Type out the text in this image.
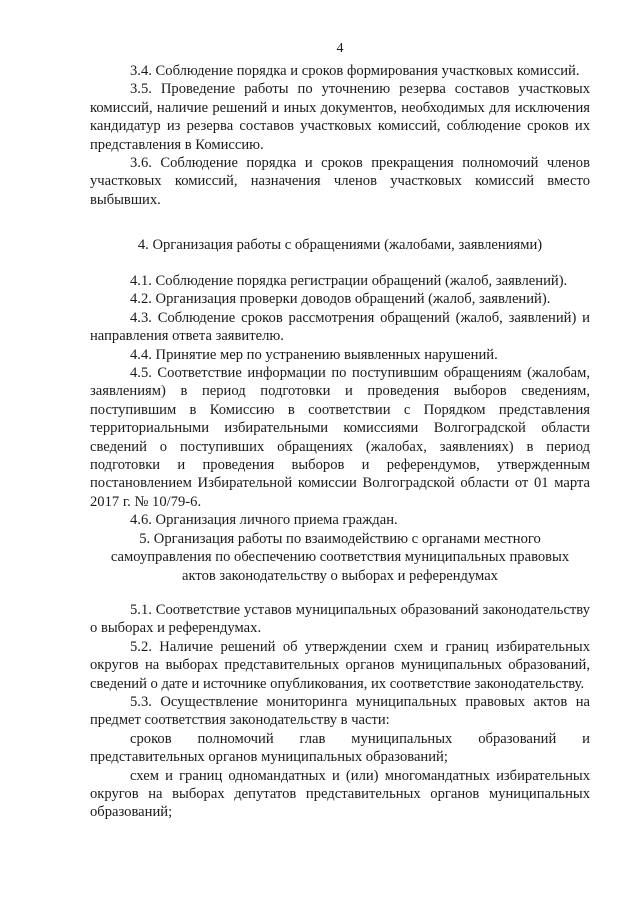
4

3.4. Соблюдение порядка и сроков формирования участковых комиссий.

3.5. Проведение работы по уточнению резерва составов участковых комиссий, наличие решений и иных документов, необходимых для исключения кандидатур из резерва составов участковых комиссий, соблюдение сроков их представления в Комиссию.

3.6. Соблюдение порядка и сроков прекращения полномочий членов участковых комиссий, назначения членов участковых комиссий вместо выбывших.

4. Организация работы с обращениями (жалобами, заявлениями)

4.1. Соблюдение порядка регистрации обращений (жалоб, заявлений).

4.2. Организация проверки доводов обращений (жалоб, заявлений).

4.3. Соблюдение сроков рассмотрения обращений (жалоб, заявлений) и направления ответа заявителю.

4.4. Принятие мер по устранению выявленных нарушений.

4.5. Соответствие информации по поступившим обращениям (жалобам, заявлениям) в период подготовки и проведения выборов сведениям, поступившим в Комиссию в соответствии с Порядком представления территориальными избирательными комиссиями Волгоградской области сведений о поступивших обращениях (жалобах, заявлениях) в период подготовки и проведения выборов и референдумов, утвержденным постановлением Избирательной комиссии Волгоградской области от 01 марта 2017 г. № 10/79-6.

4.6. Организация личного приема граждан.

5. Организация работы по взаимодействию с органами местного

самоуправления по обеспечению соответствия муниципальных правовых

актов законодательству о выборах и референдумах

5.1. Соответствие уставов муниципальных образований законодательству о выборах и референдумах.

5.2. Наличие решений об утверждении схем и границ избирательных округов на выборах представительных органов муниципальных образований, сведений о дате и источнике опубликования, их соответствие законодательству.

5.3. Осуществление мониторинга муниципальных правовых актов на предмет соответствия законодательству в части:

сроков полномочий глав муниципальных образований и представительных органов муниципальных образований;

схем и границ одномандатных и (или) многомандатных избирательных округов на выборах депутатов представительных органов муниципальных образований;
